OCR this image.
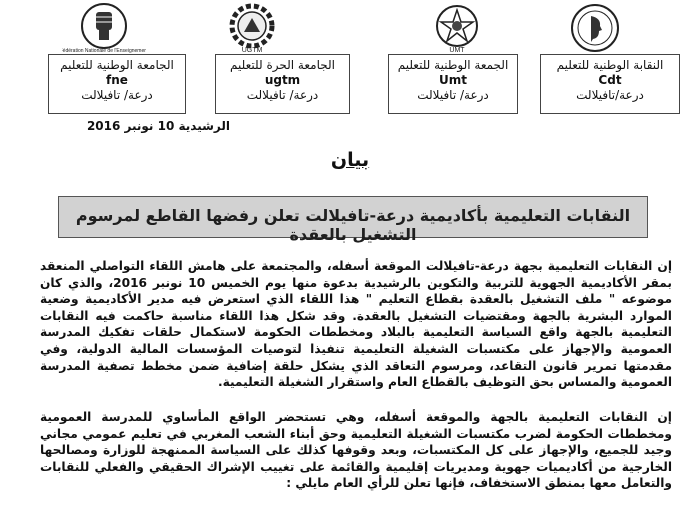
Fédération Nationale de l'Enseignement	UGTM	UMT
الجامعة الوطنية للتعليم
fne
درعة/ تافيلالت
الجامعة الحرة للتعليم
ugtm
درعة/ تافيلالت
الجمعة الوطنية للتعليم
Umt
درعة/ تافيلالت
النقابة الوطنية للتعليم
Cdt
درعة/تافيلالت
الرشيدية 10 نونبر 2016
بيان
النقابات التعليمية بأكاديمية درعة-تافيلالت تعلن رفضها القاطع لمرسوم التشغيل بالعقدة

إن النقابات التعليمية بجهة درعة-تافيلالت الموقعة أسفله، والمجتمعة على هامش اللقاء التواصلي المنعقد بمقر الأكاديمية الجهوية للتربية والتكوين بالرشيدية بدعوة منها يوم الخميس 10 نونبر 2016، والذي كان موضوعه " ملف التشغيل بالعقدة بقطاع التعليم " هذا اللقاء الذي استعرض فيه مدير الأكاديمية وضعية الموارد البشرية بالجهة ومقتضيات التشغيل بالعقدة. وقد شكل هذا اللقاء مناسبة حاكمت فيه النقابات التعليمية بالجهة واقع السياسة التعليمية بالبلاد ومخططات الحكومة لاستكمال حلقات تفكيك المدرسة العمومية والإجهاز على مكتسبات الشغيلة التعليمية تنفيذا لتوصيات المؤسسات المالية الدولية، وفي مقدمتها تمرير قانون التقاعد، ومرسوم التعاقد الذي يشكل حلقة إضافية ضمن مخطط تصفية المدرسة العمومية والمساس بحق التوظيف بالقطاع العام واستقرار الشغيلة التعليمية.

إن النقابات التعليمية بالجهة والموقعة أسفله، وهي تستحضر الواقع المأساوي للمدرسة العمومية ومخططات الحكومة لضرب مكتسبات الشغيلة التعليمية وحق أبناء الشعب المغربي في تعليم عمومي مجاني وجيد للجميع، والإجهاز على كل المكتسبات، وبعد وقوفها كذلك على السياسة الممنهجة للوزارة ومصالحها الخارجية من أكاديميات جهوية ومديريات إقليمية والقائمة على تغييب الإشراك الحقيقي والفعلي للنقابات والتعامل معها بمنطق الاستخفاف، فإنها تعلن للرأي العام مايلي :
